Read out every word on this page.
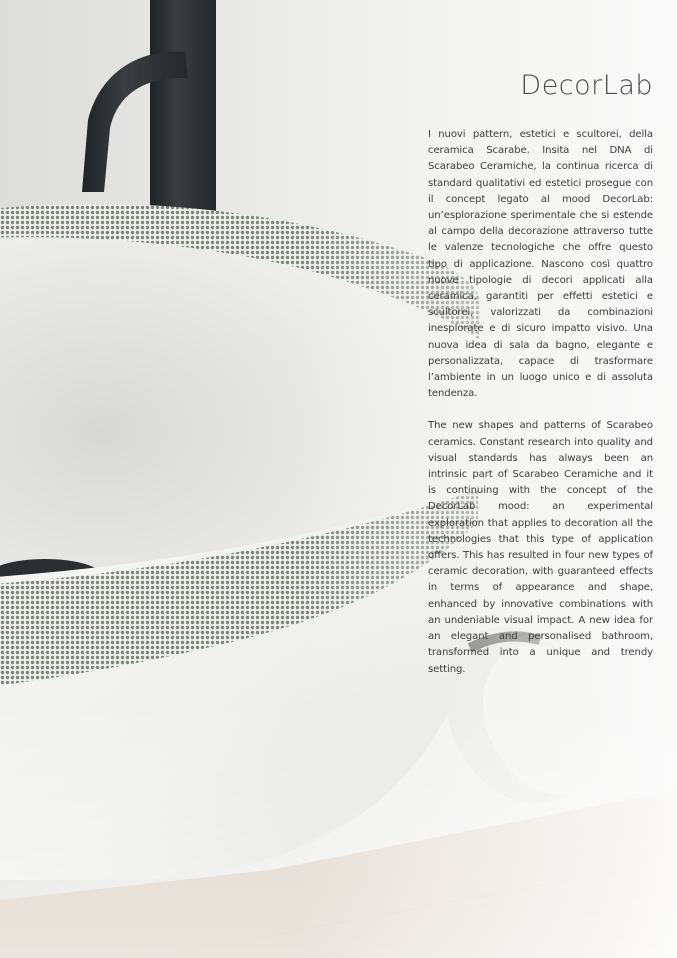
DecorLab

I nuovi pattern, estetici e scultorei, della ceramica Scarabe. Insita nel DNA di Scarabeo Ceramiche, la continua ricerca di standard qualitativi ed estetici prosegue con il concept legato al mood DecorLab: un’esplorazione sperimentale che si estende al campo della decorazione attraverso tutte le valenze tecnologiche che offre questo tipo di applicazione. Nascono così quattro nuove tipologie di decori applicati alla ceramica, garantiti per effetti estetici e scultorei, valorizzati da combinazioni inesplorate e di sicuro impatto visivo. Una nuova idea di sala da bagno, elegante e personalizzata, capace di trasformare l’ambiente in un luogo unico e di assoluta tendenza.

The new shapes and patterns of Scarabeo ceramics. Constant research into quality and visual standards has always been an intrinsic part of Scarabeo Ceramiche and it is continuing with the concept of the DecorLab mood: an experimental exploration that applies to decoration all the technologies that this type of application offers. This has resulted in four new types of ceramic decoration, with guaranteed effects in terms of appearance and shape, enhanced by innovative combinations with an undeniable visual impact. A new idea for an elegant and personalised bathroom, transformed into a unique and trendy setting.
